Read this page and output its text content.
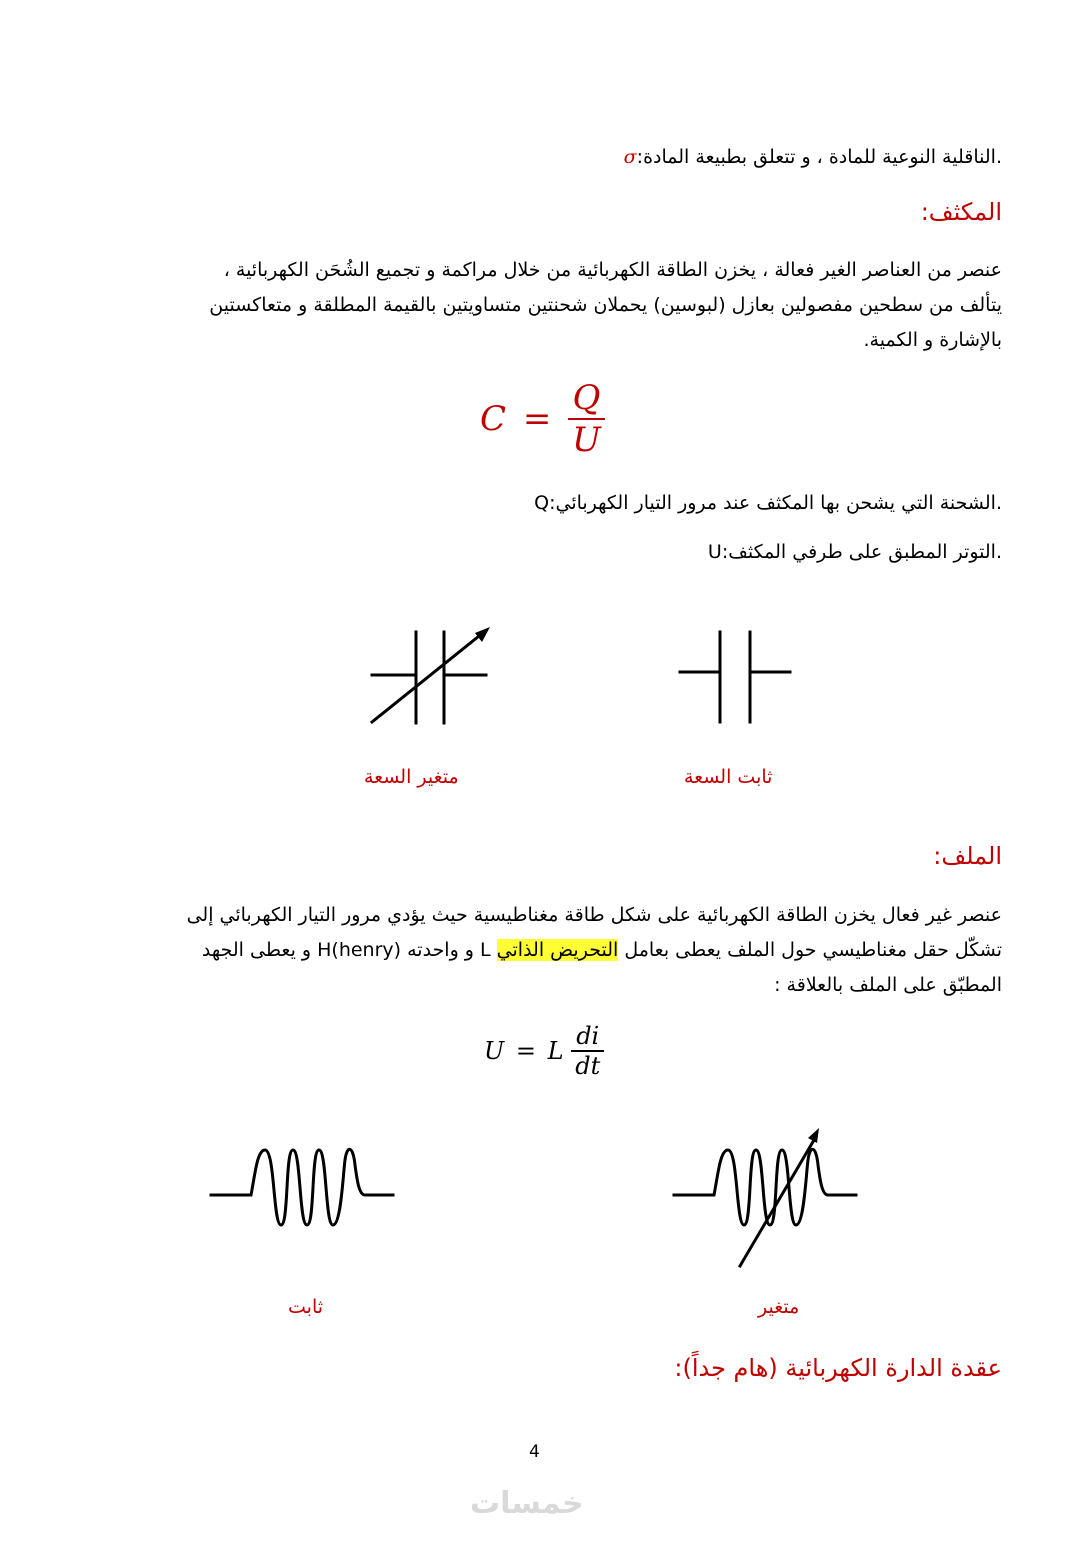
σ:الناقلية النوعية للمادة ، و تتعلق بطبيعة المادة.
المكثف:
عنصر من العناصر الغير فعالة ، يخزن الطاقة الكهربائية من خلال مراكمة و تجميع الشُحَن الكهربائية ،
يتألف من سطحين مفصولين بعازل (لبوسين) يحملان شحنتين متساويتين بالقيمة المطلقة و متعاكستين
بالإشارة و الكمية.
$C = \frac{Q}{U}$
Q:الشحنة التي يشحن بها المكثف عند مرور التيار الكهربائي.
U:التوتر المطبق على طرفي المكثف.
متغير السعة	ثابت السعة
الملف:
عنصر غير فعال يخزن الطاقة الكهربائية على شكل طاقة مغناطيسية حيث يؤدي مرور التيار الكهربائي إلى
تشكّل حقل مغناطيسي حول الملف يعطى بعامل التحريض الذاتي L و واحدته H(henry) و يعطى الجهد
المطبّق على الملف بالعلاقة :
U = L $\frac{di}{dt}$
ثابت	متغير
عقدة الدارة الكهربائية (هام جداً):
4
خمسات
